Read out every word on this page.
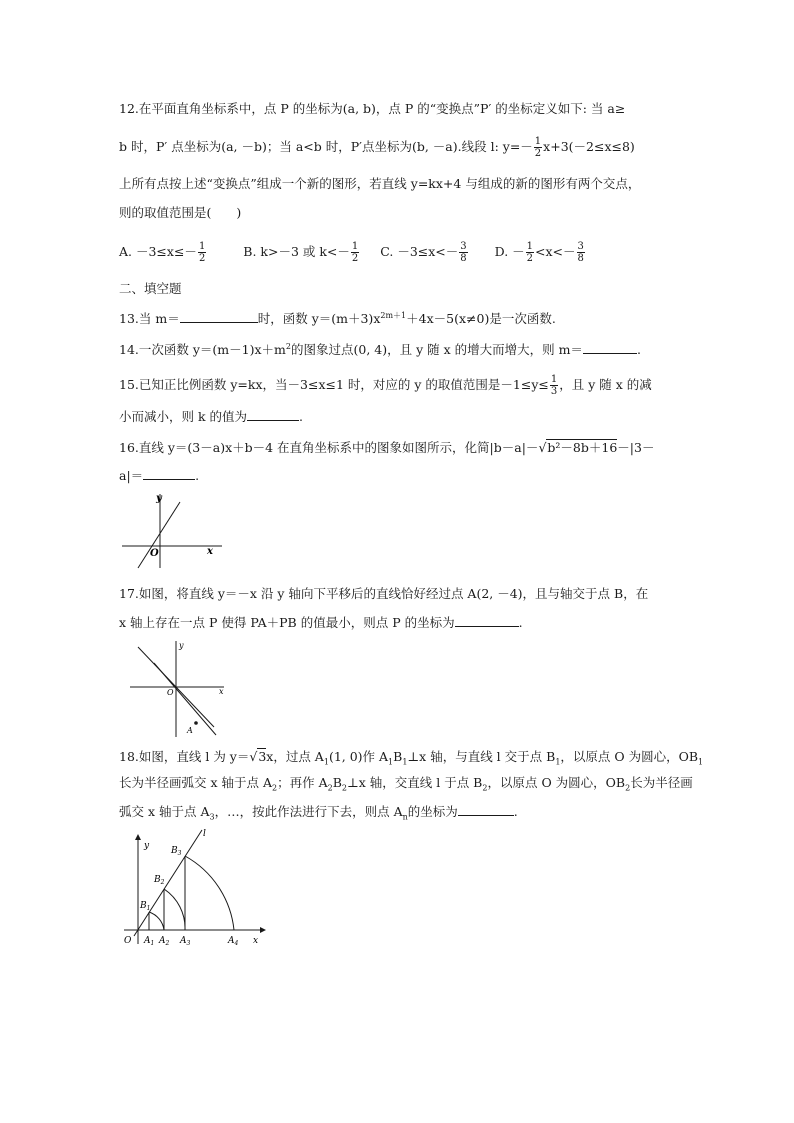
12.在平面直角坐标系中，点 P 的坐标为(a, b)，点 P 的“变换点”P′ 的坐标定义如下: 当 a≥
b 时，P′ 点坐标为(a, －b)；当 a<b 时，P′点坐标为(b, －a).线段 l: $y=- \frac{1}{2} x+3(-2\le x\le 8)$
上所有点按上述“变换点”组成一个新的图形，若直线 y=kx+4 与组成的新的图形有两个交点，
则的取值范围是(　　)
A. $-3\le x\le- \frac{1}{2}$	B. k>－3 或 $k<- \frac{1}{2} C$. $-3\le x<- \frac{3}{8} D$. － $\frac{1}{2} <x<- \frac{3}{8}$
二、填空题
13.当 m＝	时，函数 $y=(m+3)x^{2m+1}+4x-5(x\ne 0)$是一次函数.
14.一次函数 $y=(m-1)x+m^2$的图象过点(0, 4)，且 y 随 x 的增大而增大，则 m＝	.
15.已知正比例函数 y=kx，当－3≤x≤1 时，对应的 y 的取值范围是$-1\le y\le \frac{1}{3}$ ，且 y 随 x 的减
小而减小，则 k 的值为	.
16.直线 y＝(3－a)x＋b－4 在直角坐标系中的图象如图所示，化简|b－a|－√b²－8b＋16－|3－
a|＝	.
y
x
O
17.如图，将直线 y＝－x 沿 y 轴向下平移后的直线恰好经过点 A(2, －4)，且与轴交于点 B，在
x 轴上存在一点 P 使得 PA＋PB 的值最小，则点 P 的坐标为	.
y
x
O
A
18.如图，直线 l 为 y＝√3x，过点 $A_1(1$, 0)作 $A_1B_1\perp x$ 轴，与直线 l 交于点 $B_1$，以原点 O 为圆心，$OB_1$
长为半径画弧交 x 轴于点 $A_2$；再作 $A_2B_2\perp x$ 轴，交直线 l 于点 $B_2$，以原点 O 为圆心，$OB_2$长为半径画
弧交 x 轴于点 $A_3$，…，按此作法进行下去，则点 $A_n$的坐标为	.
l
y
x
O
$B_1$
$B_2$
$B_3$
$A_1$ $A_2$ $A_3$	$A_4$
